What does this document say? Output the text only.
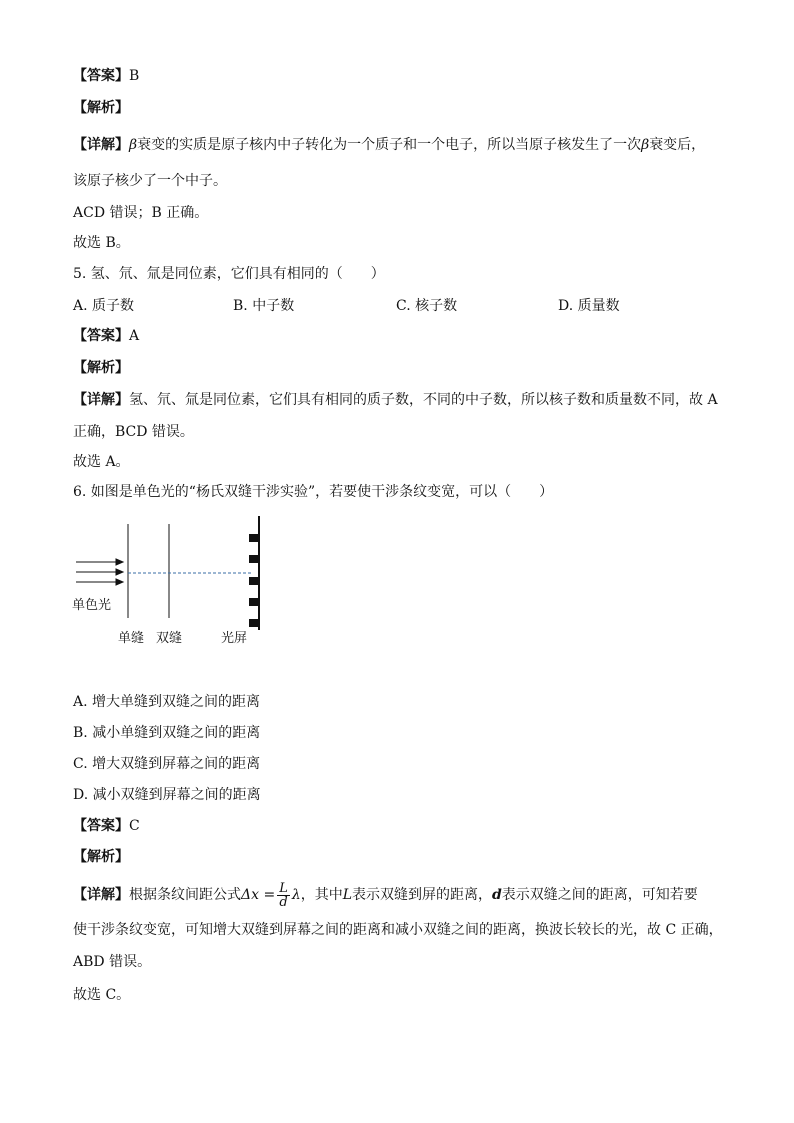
【答案】B
【解析】
【详解】β衰变的实质是原子核内中子转化为一个质子和一个电子，所以当原子核发生了一次β衰变后，
该原子核少了一个中子。
ACD 错误；B 正确。
故选 B。
5. 氢、氘、氚是同位素，它们具有相同的（　　）
A. 质子数	B. 中子数	C. 核子数	D. 质量数
【答案】A
【解析】
【详解】氢、氘、氚是同位素，它们具有相同的质子数，不同的中子数，所以核子数和质量数不同，故 A
正确，BCD 错误。
故选 A。
6. 如图是单色光的“杨氏双缝干涉实验”，若要使干涉条纹变宽，可以（　　）
单色光
单缝 双缝	光屏
A. 增大单缝到双缝之间的距离
B. 减小单缝到双缝之间的距离
C. 增大双缝到屏幕之间的距离
D. 减小双缝到屏幕之间的距离
【答案】C
【解析】
【详解】根据条纹间距公式$\Delta x = \frac{L}{d}$ λ，其中L表示双缝到屏的距离，d表示双缝之间的距离，可知若要
使干涉条纹变宽，可知增大双缝到屏幕之间的距离和减小双缝之间的距离，换波长较长的光，故 C 正确，
ABD 错误。
故选 C。
